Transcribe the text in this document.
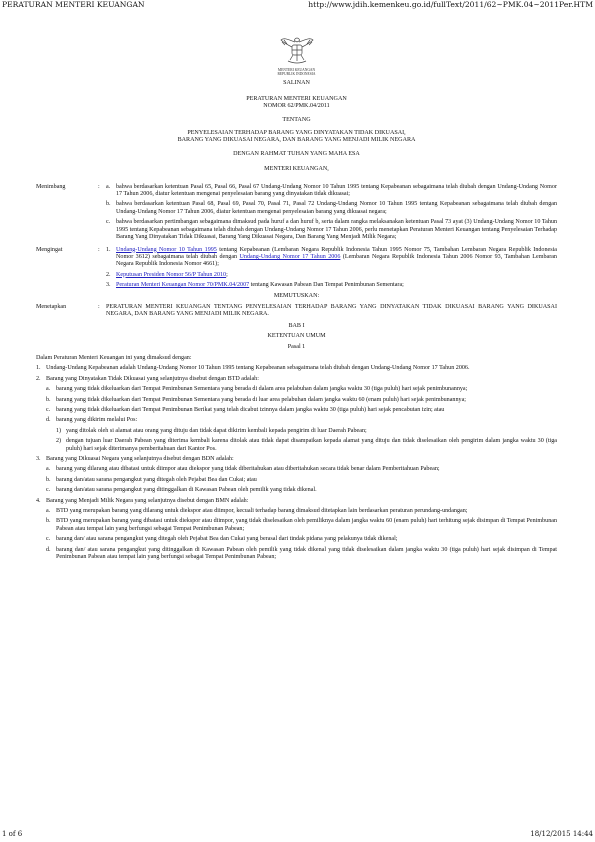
PERATURAN MENTERI KEUANGAN	http://www.jdih.kemenkeu.go.id/fullText/2011/62~PMK.04~2011Per.HTM
MENTERI KEUANGAN
REPUBLIK INDONESIA
SALINAN
PERATURAN MENTERI KEUANGAN
NOMOR 62/PMK.04/2011
TENTANG
PENYELESAIAN TERHADAP BARANG YANG DINYATAKAN TIDAK DIKUASAI,
BARANG YANG DIKUASAI NEGARA, DAN BARANG YANG MENJADI MILIK NEGARA
DENGAN RAHMAT TUHAN YANG MAHA ESA
MENTERI KEUANGAN,
Menimbang	:	a. bahwa berdasarkan ketentuan Pasal 65, Pasal 66, Pasal 67 Undang-Undang Nomor 10 Tahun 1995 tentang Kepabeanan sebagaimana telah diubah dengan Undang-Undang Nomor 17 Tahun 2006, diatur ketentuan mengenai penyelesaian barang yang dinyatakan tidak dikuasai;
b. bahwa berdasarkan ketentuan Pasal 68, Pasal 69, Pasal 70, Pasal 71, Pasal 72 Undang-Undang Nomor 10 Tahun 1995 tentang Kepabeanan sebagaimana telah diubah dengan Undang-Undang Nomor 17 Tahun 2006, diatur ketentuan mengenai penyelesaian barang yang dikuasai negara;
c. bahwa berdasarkan pertimbangan sebagaimana dimaksud pada huruf a dan huruf b, serta dalam rangka melaksanakan ketentuan Pasal 73 ayat (3) Undang-Undang Nomor 10 Tahun 1995 tentang Kepabeanan sebagaimana telah diubah dengan Undang-Undang Nomor 17 Tahun 2006, perlu menetapkan Peraturan Menteri Keuangan tentang Penyelesaian Terhadap Barang Yang Dinyatakan Tidak Dikuasai, Barang Yang Dikuasai Negara, Dan Barang Yang Menjadi Milik Negara;
Mengingat	:	1. Undang-Undang Nomor 10 Tahun 1995 tentang Kepabeanan (Lembaran Negara Republik Indonesia Tahun 1995 Nomor 75, Tambahan Lembaran Negara Republik Indonesia Nomor 3612) sebagaimana telah diubah dengan Undang-Undang Nomor 17 Tahun 2006 (Lembaran Negara Republik Indonesia Tahun 2006 Nomor 93, Tambahan Lembaran Negara Republik Indonesia Nomor 4661);
2. Keputusan Presiden Nomor 56/P Tahun 2010;
3. Peraturan Menteri Keuangan Nomor 70/PMK.04/2007 tentang Kawasan Pabean Dan Tempat Penimbunan Sementara;
MEMUTUSKAN:
Menetapkan	:	PERATURAN MENTERI KEUANGAN TENTANG PENYELESAIAN TERHADAP BARANG YANG DINYATAKAN TIDAK DIKUASAI BARANG YANG DIKUASAI NEGARA, DAN BARANG YANG MENJADI MILIK NEGARA.
BAB I
KETENTUAN UMUM
Pasal 1
Dalam Peraturan Menteri Keuangan ini yang dimaksud dengan:
1. Undang-Undang Kepabeanan adalah Undang-Undang Nomor 10 Tahun 1995 tentang Kepabeanan sebagaimana telah diubah dengan Undang-Undang Nomor 17 Tahun 2006.
2. Barang yang Dinyatakan Tidak Dikuasai yang selanjutnya disebut dengan BTD adalah:
a. barang yang tidak dikeluarkan dari Tempat Penimbunan Sementara yang berada di dalam area pelabuhan dalam jangka waktu 30 (tiga puluh) hari sejak penimbunannya;
b. barang yang tidak dikeluarkan dari Tempat Penimbunan Sementara yang berada di luar area pelabuhan dalam jangka waktu 60 (enam puluh) hari sejak penimbunannya;
c. barang yang tidak dikeluarkan dari Tempat Penimbunan Berikat yang telah dicabut izinnya dalam jangka waktu 30 (tiga puluh) hari sejak pencabutan izin; atau
d. barang yang dikirim melalui Pos:
1) yang ditolak oleh si alamat atau orang yang dituju dan tidak dapat dikirim kembali kepada pengirim di luar Daerah Pabean;
2) dengan tujuan luar Daerah Pabean yang diterima kembali karena ditolak atau tidak dapat disampaikan kepada alamat yang dituju dan tidak diselesaikan oleh pengirim dalam jangka waktu 30 (tiga puluh) hari sejak diterimanya pemberitahuan dari Kantor Pos.
3. Barang yang Dikuasai Negara yang selanjutnya disebut dengan BDN adalah:
a. barang yang dilarang atau dibatasi untuk diimpor atau diekspor yang tidak diberitahukan atau diberitahukan secara tidak benar dalam Pemberitahuan Pabean;
b. barang dan/atau sarana pengangkut yang ditegah oleh Pejabat Bea dan Cukai; atau
c. barang dan/atau sarana pengangkut yang ditinggalkan di Kawasan Pabean oleh pemilik yang tidak dikenal.
4. Barang yang Menjadi Milik Negara yang selanjutnya disebut dengan BMN adalah:
a. BTD yang merupakan barang yang dilarang untuk diekspor atau diimpor, kecuali terhadap barang dimaksud ditetapkan lain berdasarkan peraturan perundang-undangan;
b. BTD yang merupakan barang yang dibatasi untuk diekspor atau diimpor, yang tidak diselesaikan oleh pemiliknya dalam jangka waktu 60 (enam puluh) hari terhitung sejak disimpan di Tempat Penimbunan Pabean atau tempat lain yang berfungsi sebagai Tempat Penimbunan Pabean;
c. barang dan/ atau sarana pengangkut yang ditegah oleh Pejabat Bea dan Cukai yang berasal dari tindak pidana yang pelakunya tidak dikenal;
d. barang dan/ atau sarana pengangkut yang ditinggalkan di Kawasan Pabean oleh pemilik yang tidak dikenal yang tidak diselesaikan dalam jangka waktu 30 (tiga puluh) hari sejak disimpan di Tempat Penimbunan Pabean atau tempat lain yang berfungsi sebagai Tempat Penimbunan Pabean;
1 of 6	18/12/2015 14:44
